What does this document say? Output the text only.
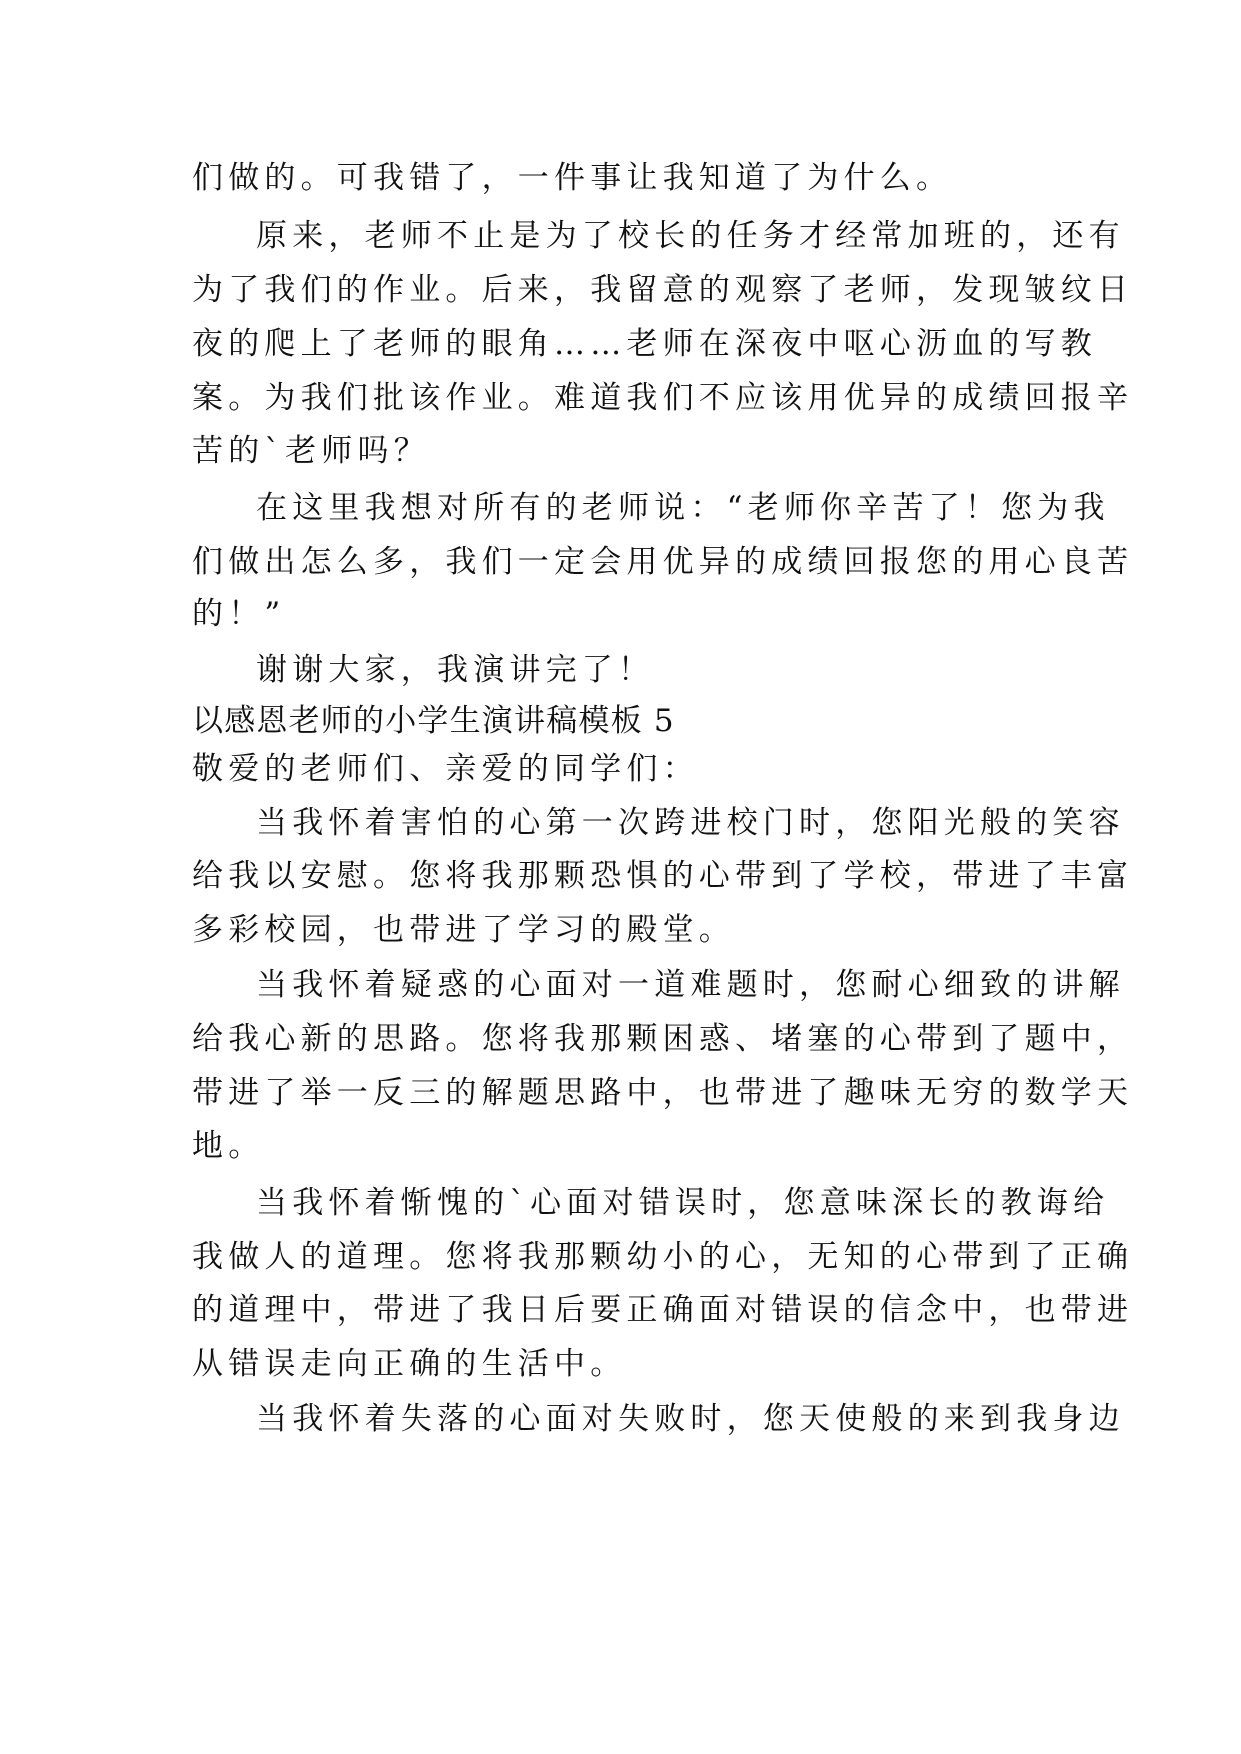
们做的。可我错了，一件事让我知道了为什么。
原来，老师不止是为了校长的任务才经常加班的，还有
为了我们的作业。后来，我留意的观察了老师，发现皱纹日
夜的爬上了老师的眼角……老师在深夜中呕心沥血的写教
案。为我们批该作业。难道我们不应该用优异的成绩回报辛
苦的`老师吗？
在这里我想对所有的老师说：“老师你辛苦了！您为我
们做出怎么多，我们一定会用优异的成绩回报您的用心良苦
的！”
谢谢大家，我演讲完了！
以感恩老师的小学生演讲稿模板 5
敬爱的老师们、亲爱的同学们：
当我怀着害怕的心第一次跨进校门时，您阳光般的笑容
给我以安慰。您将我那颗恐惧的心带到了学校，带进了丰富
多彩校园，也带进了学习的殿堂。
当我怀着疑惑的心面对一道难题时，您耐心细致的讲解
给我心新的思路。您将我那颗困惑、堵塞的心带到了题中，
带进了举一反三的解题思路中，也带进了趣味无穷的数学天
地。
当我怀着惭愧的`心面对错误时，您意味深长的教诲给
我做人的道理。您将我那颗幼小的心，无知的心带到了正确
的道理中，带进了我日后要正确面对错误的信念中，也带进
从错误走向正确的生活中。
当我怀着失落的心面对失败时，您天使般的来到我身边
